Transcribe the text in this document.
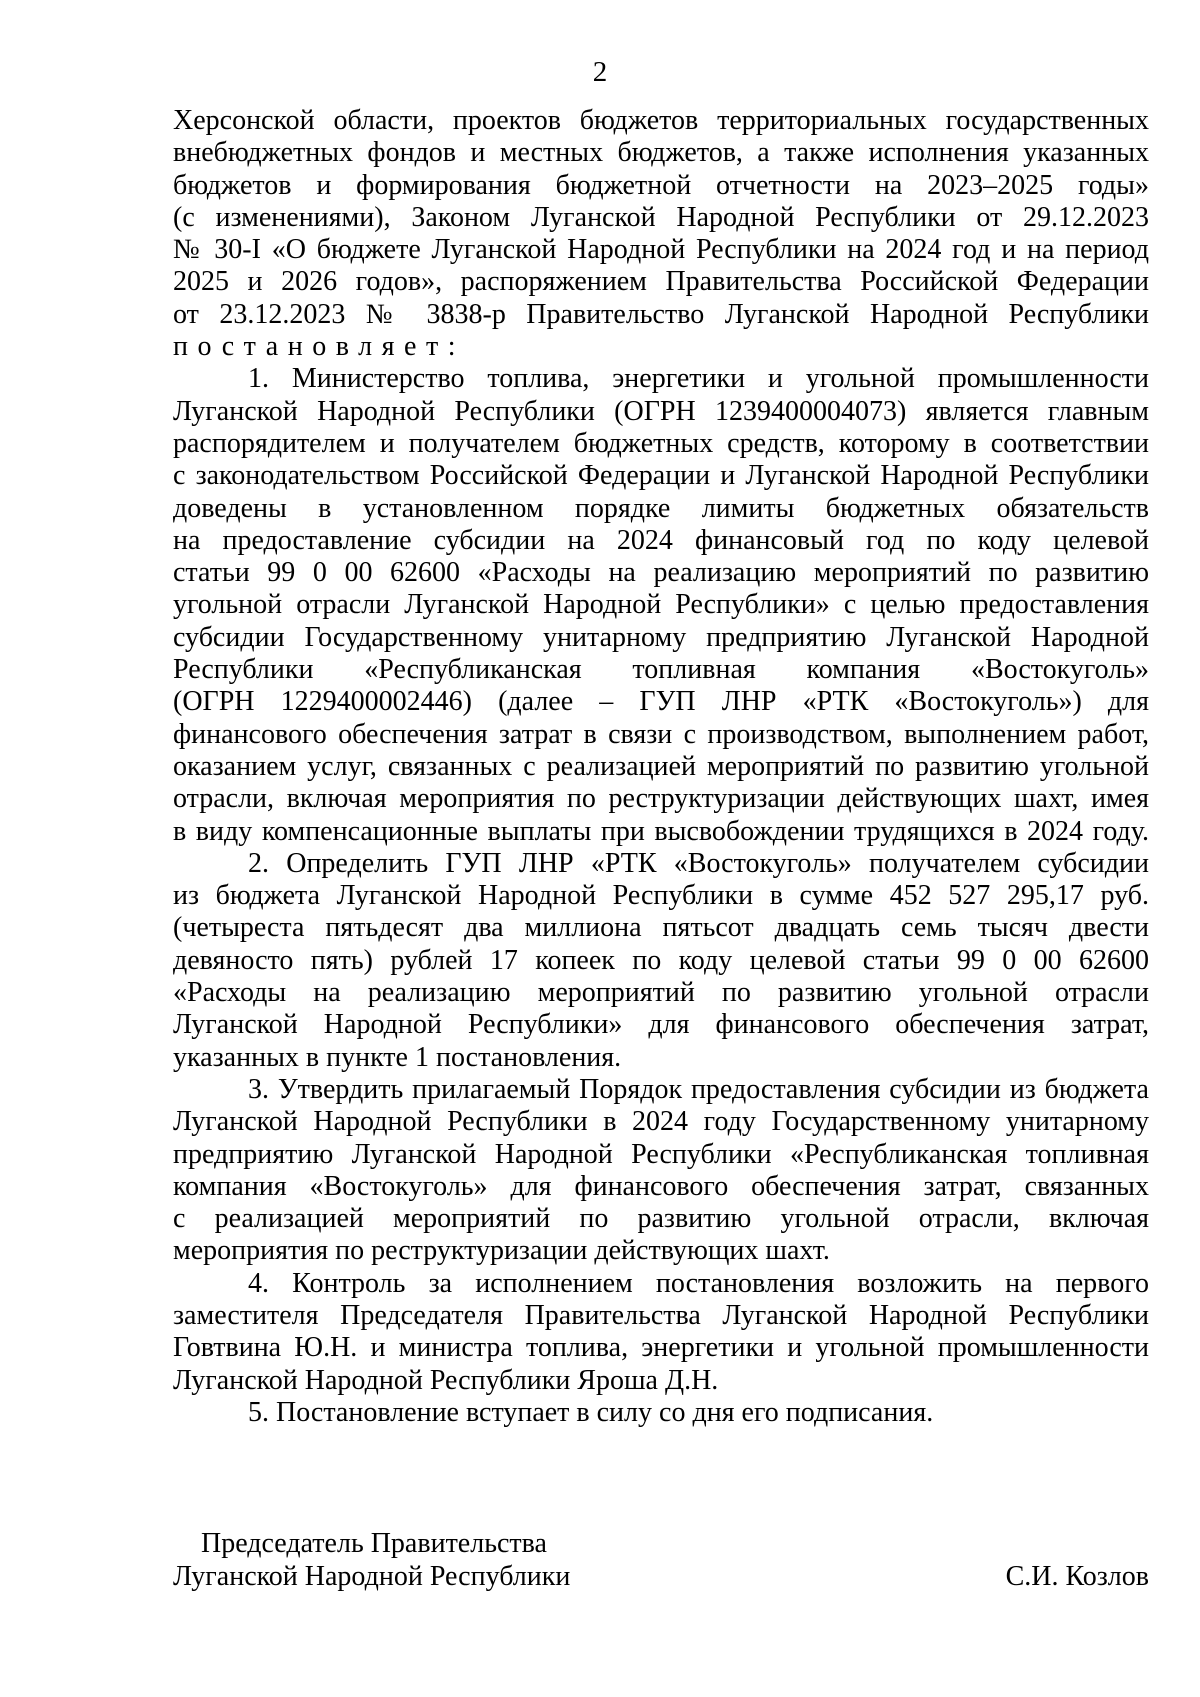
2

Херсонской области, проектов бюджетов территориальных государственных

внебюджетных фондов и местных бюджетов, а также исполнения указанных

бюджетов и формирования бюджетной отчетности на 2023–2025 годы»

(с изменениями), Законом Луганской Народной Республики от 29.12.2023

№ 30-I «О бюджете Луганской Народной Республики на 2024 год и на период

2025 и 2026 годов», распоряжением Правительства Российской Федерации

от 23.12.2023 № 3838-р Правительство Луганской Народной Республики

постановляет:

1. Министерство топлива, энергетики и угольной промышленности

Луганской Народной Республики (ОГРН 1239400004073) является главным

распорядителем и получателем бюджетных средств, которому в соответствии

с законодательством Российской Федерации и Луганской Народной Республики

доведены в установленном порядке лимиты бюджетных обязательств

на предоставление субсидии на 2024 финансовый год по коду целевой

статьи 99 0 00 62600 «Расходы на реализацию мероприятий по развитию

угольной отрасли Луганской Народной Республики» с целью предоставления

субсидии Государственному унитарному предприятию Луганской Народной

Республики «Республиканская топливная компания «Востокуголь»

(ОГРН 1229400002446) (далее – ГУП ЛНР «РТК «Востокуголь») для

финансового обеспечения затрат в связи с производством, выполнением работ,

оказанием услуг, связанных с реализацией мероприятий по развитию угольной

отрасли, включая мероприятия по реструктуризации действующих шахт, имея

в виду компенсационные выплаты при высвобождении трудящихся в 2024 году.

2. Определить ГУП ЛНР «РТК «Востокуголь» получателем субсидии

из бюджета Луганской Народной Республики в сумме 452 527 295,17 руб.

(четыреста пятьдесят два миллиона пятьсот двадцать семь тысяч двести

девяносто пять) рублей 17 копеек по коду целевой статьи 99 0 00 62600

«Расходы на реализацию мероприятий по развитию угольной отрасли

Луганской Народной Республики» для финансового обеспечения затрат,

указанных в пункте 1 постановления.

3. Утвердить прилагаемый Порядок предоставления субсидии из бюджета

Луганской Народной Республики в 2024 году Государственному унитарному

предприятию Луганской Народной Республики «Республиканская топливная

компания «Востокуголь» для финансового обеспечения затрат, связанных

с реализацией мероприятий по развитию угольной отрасли, включая

мероприятия по реструктуризации действующих шахт.

4. Контроль за исполнением постановления возложить на первого

заместителя Председателя Правительства Луганской Народной Республики

Говтвина Ю.Н. и министра топлива, энергетики и угольной промышленности

Луганской Народной Республики Яроша Д.Н.

5. Постановление вступает в силу со дня его подписания.

Председатель Правительства
Луганской Народной Республики	С.И. Козлов
